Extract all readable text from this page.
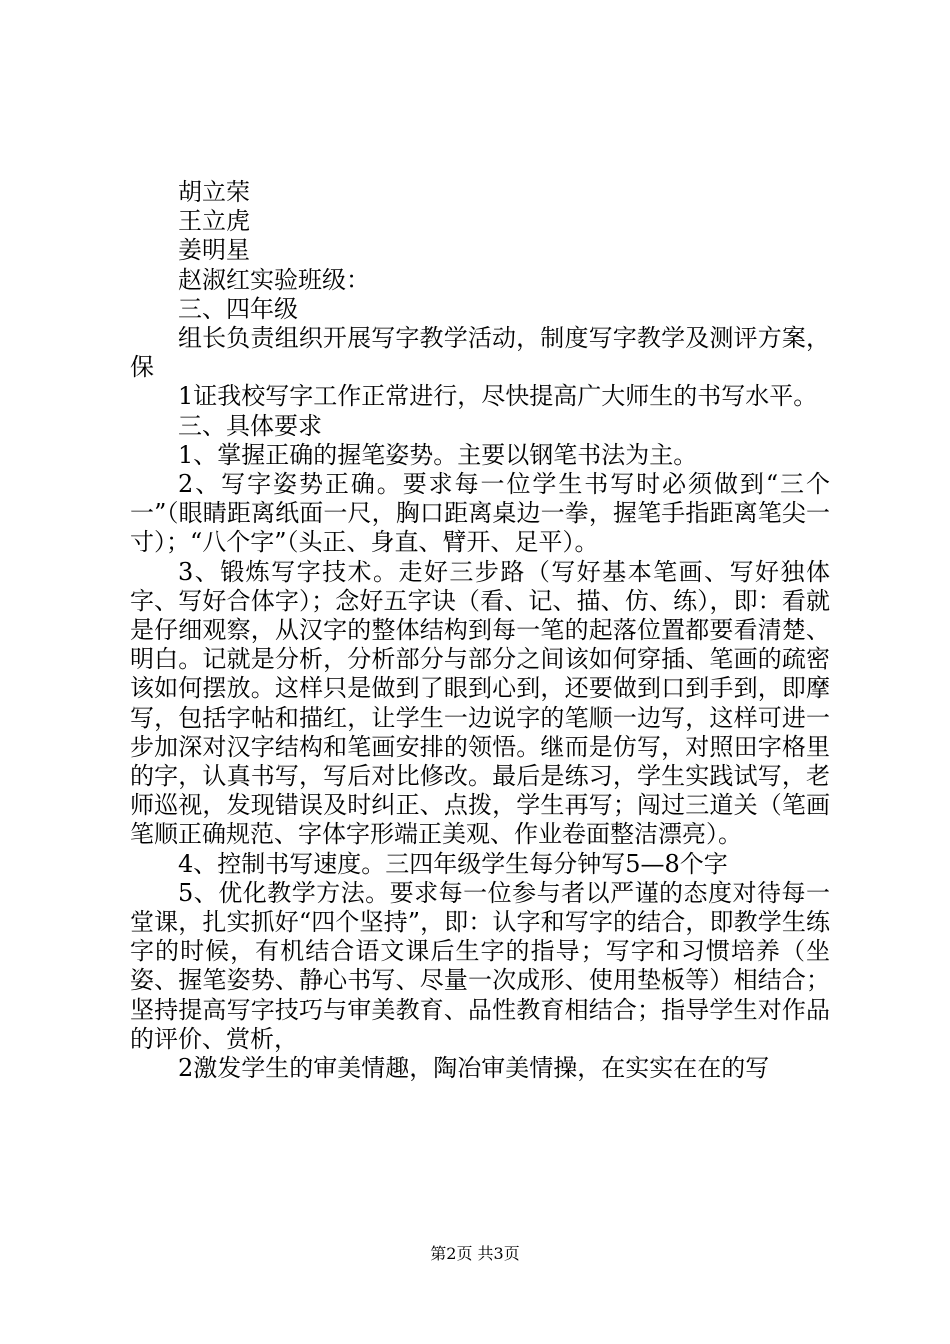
胡立荣

王立虎

姜明星

赵淑红实验班级：

三、四年级

组长负责组织开展写字教学活动，制度写字教学及测评方案，保

1证我校写字工作正常进行，尽快提高广大师生的书写水平。

三、具体要求

1、掌握正确的握笔姿势。主要以钢笔书法为主。

2、写字姿势正确。要求每一位学生书写时必须做到“三个一”（眼睛距离纸面一尺，胸口距离桌边一拳，握笔手指距离笔尖一寸）；“八个字”（头正、身直、臂开、足平）。

3、锻炼写字技术。走好三步路（写好基本笔画、写好独体字、写好合体字）；念好五字诀（看、记、描、仿、练），即：看就是仔细观察，从汉字的整体结构到每一笔的起落位置都要看清楚、明白。记就是分析，分析部分与部分之间该如何穿插、笔画的疏密该如何摆放。这样只是做到了眼到心到，还要做到口到手到，即摩写，包括字帖和描红，让学生一边说字的笔顺一边写，这样可进一步加深对汉字结构和笔画安排的领悟。继而是仿写，对照田字格里的字，认真书写，写后对比修改。最后是练习，学生实践试写，老师巡视，发现错误及时纠正、点拨，学生再写；闯过三道关（笔画笔顺正确规范、字体字形端正美观、作业卷面整洁漂亮）。

4、控制书写速度。三四年级学生每分钟写5—8个字

5、优化教学方法。要求每一位参与者以严谨的态度对待每一堂课，扎实抓好“四个坚持”，即：认字和写字的结合，即教学生练字的时候，有机结合语文课后生字的指导；写字和习惯培养（坐姿、握笔姿势、静心书写、尽量一次成形、使用垫板等）相结合；坚持提高写字技巧与审美教育、品性教育相结合；指导学生对作品的评价、赏析，

2激发学生的审美情趣，陶冶审美情操，在实实在在的写

第2页 共3页
